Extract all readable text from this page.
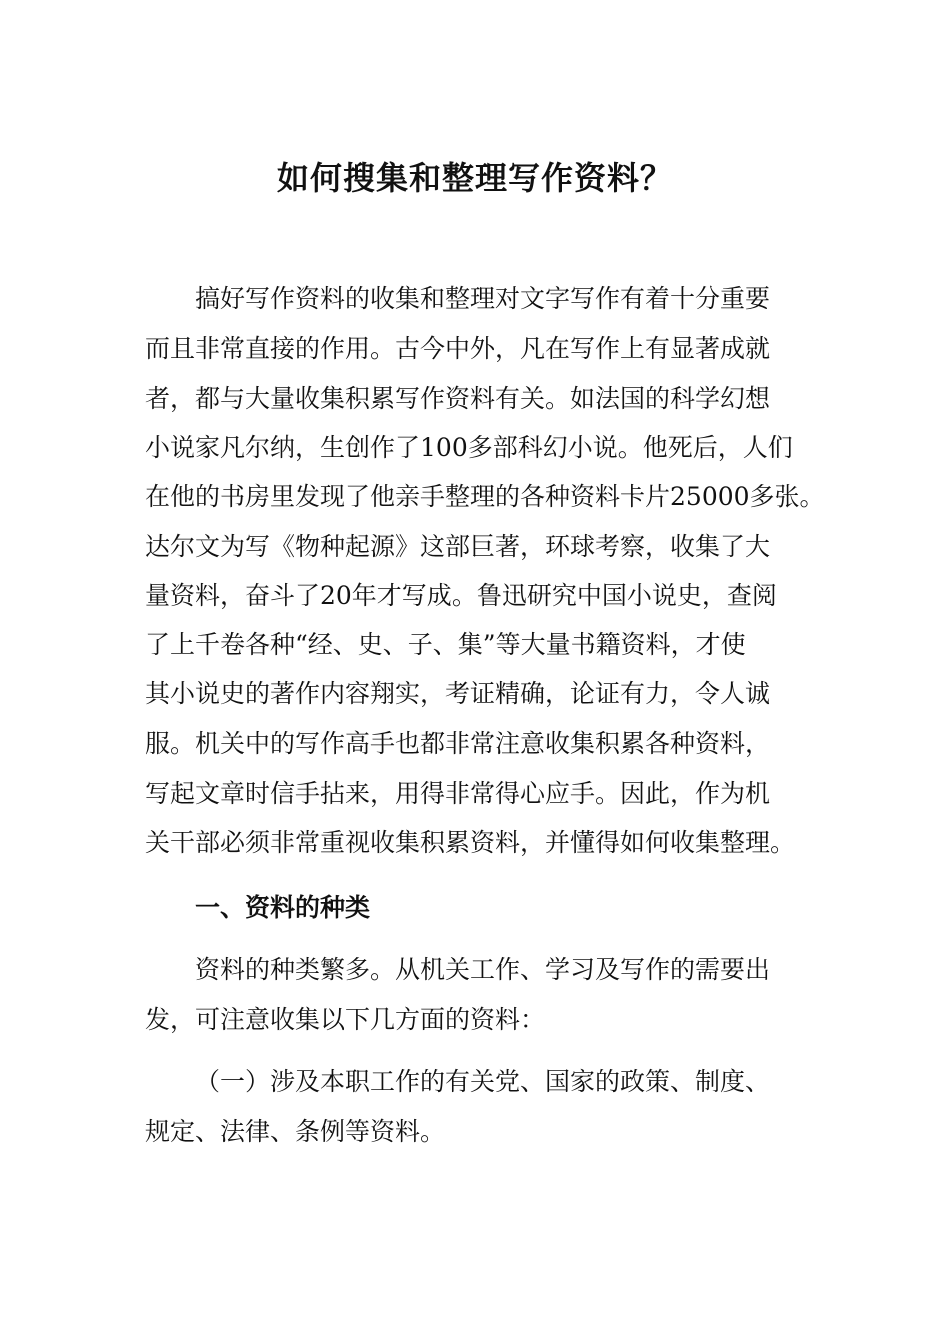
如何搜集和整理写作资料？
搞好写作资料的收集和整理对文字写作有着十分重要
而且非常直接的作用。古今中外，凡在写作上有显著成就
者，都与大量收集积累写作资料有关。如法国的科学幻想
小说家凡尔纳，生创作了100多部科幻小说。他死后，人们
在他的书房里发现了他亲手整理的各种资料卡片25000多张。
达尔文为写《物种起源》这部巨著，环球考察，收集了大
量资料，奋斗了20年才写成。鲁迅研究中国小说史，查阅
了上千卷各种“经、史、子、集”等大量书籍资料，才使
其小说史的著作内容翔实，考证精确，论证有力，令人诚
服。机关中的写作高手也都非常注意收集积累各种资料，
写起文章时信手拈来，用得非常得心应手。因此，作为机
关干部必须非常重视收集积累资料，并懂得如何收集整理。
一、资料的种类
资料的种类繁多。从机关工作、学习及写作的需要出
发，可注意收集以下几方面的资料：
（一）涉及本职工作的有关党、国家的政策、制度、
规定、法律、条例等资料。
